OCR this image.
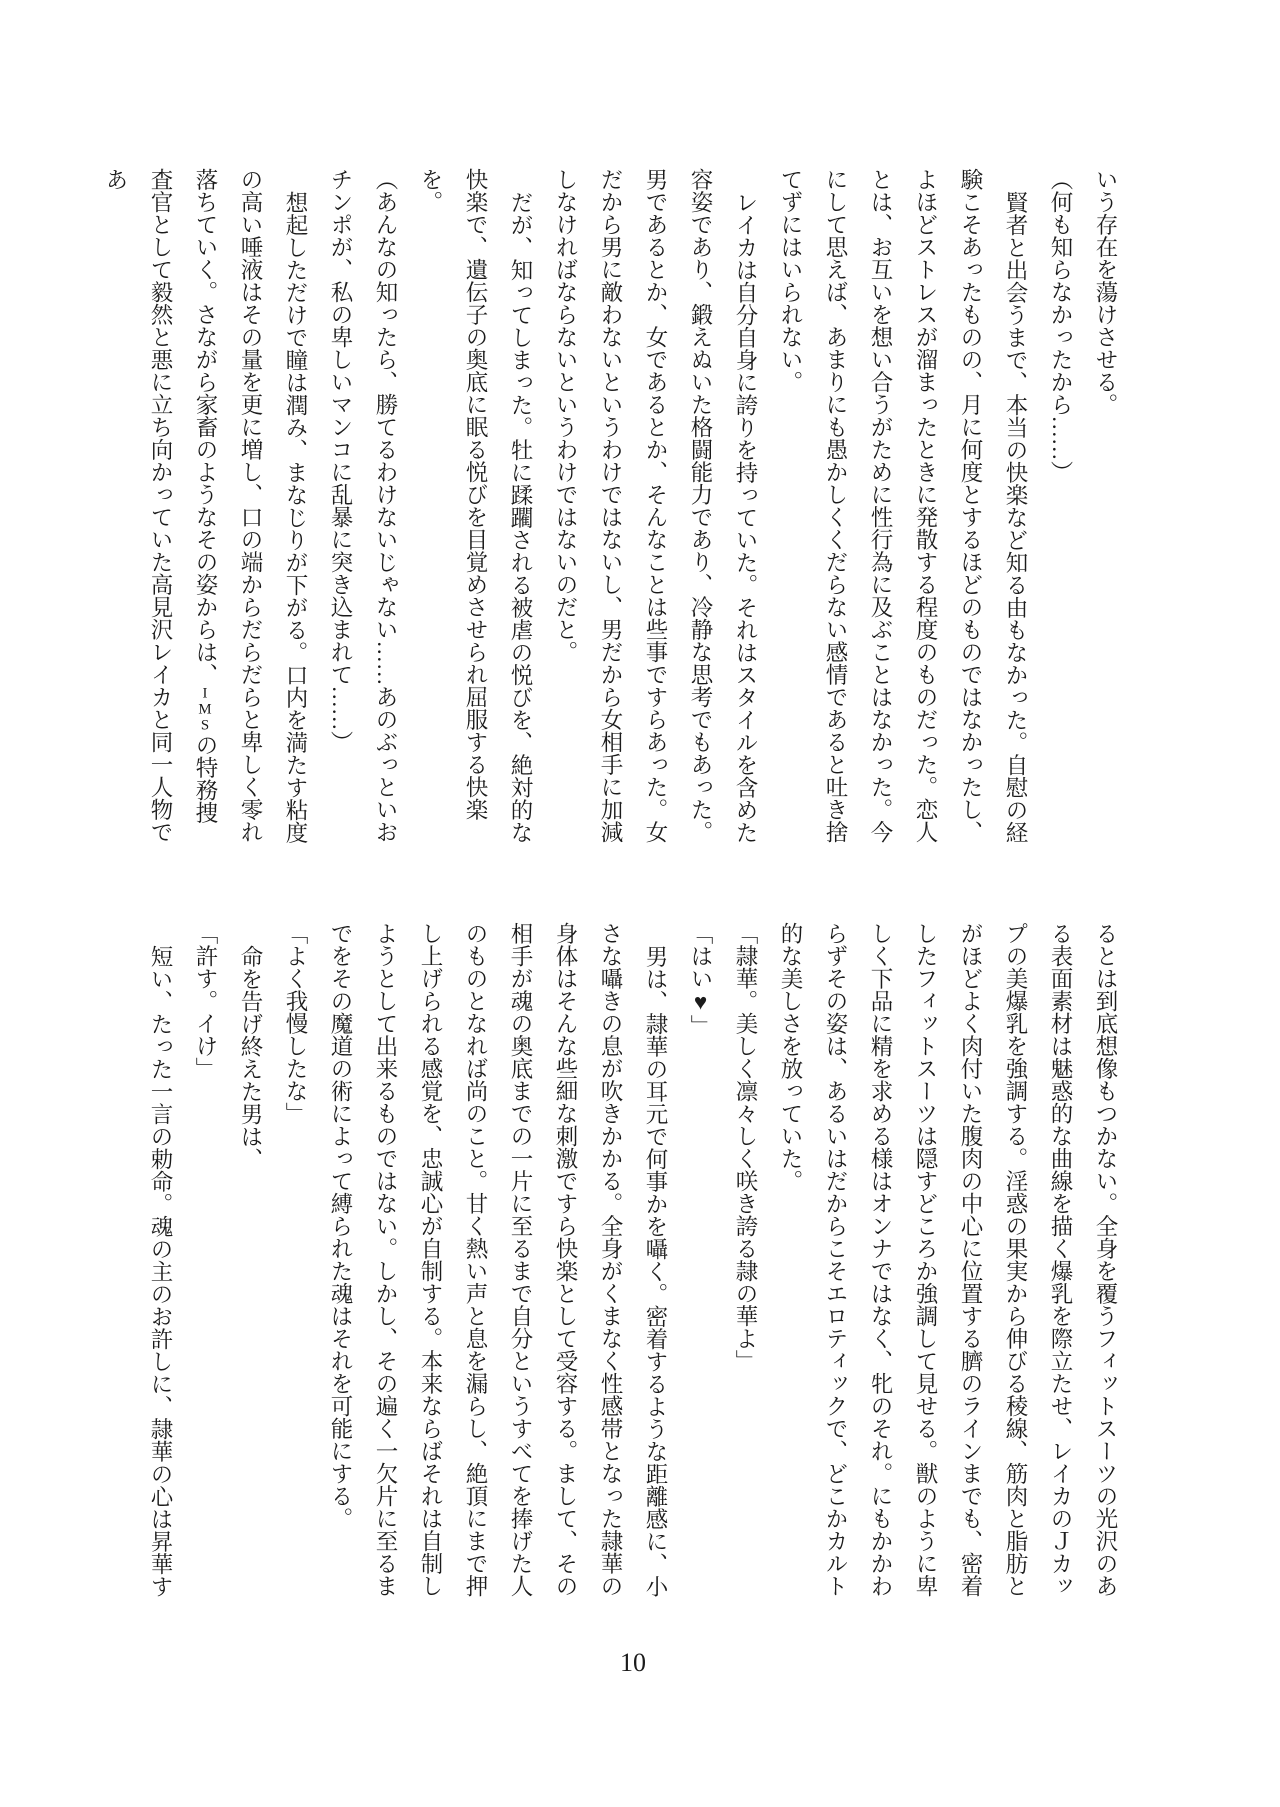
いう存在を蕩けさせる。

（何も知らなかったから……）

賢者と出会うまで、本当の快楽など知る由もなかった。自慰の経験こそあったものの、月に何度とするほどのものではなかったし、よほどストレスが溜まったときに発散する程度のものだった。恋人とは、お互いを想い合うがために性行為に及ぶことはなかった。今にして思えば、あまりにも愚かしくくだらない感情であると吐き捨てずにはいられない。

レイカは自分自身に誇りを持っていた。それはスタイルを含めた容姿であり、鍛えぬいた格闘能力であり、冷静な思考でもあった。男であるとか、女であるとか、そんなことは些事ですらあった。女だから男に敵わないというわけではないし、男だから女相手に加減しなければならないというわけではないのだと。

だが、知ってしまった。牡に蹂躙される被虐の悦びを、絶対的な快楽で、遺伝子の奥底に眠る悦びを目覚めさせられ屈服する快楽を。

（あんなの知ったら、勝てるわけないじゃない……あのぶっといおチンポが、私の卑しいマンコに乱暴に突き込まれて……）

想起しただけで瞳は潤み、まなじりが下がる。口内を満たす粘度の高い唾液はその量を更に増し、口の端からだらだらと卑しく零れ落ちていく。さながら家畜のようなその姿からは、IMSの特務捜査官として毅然と悪に立ち向かっていた高見沢レイカと同一人物であ

るとは到底想像もつかない。全身を覆うフィットスーツの光沢のある表面素材は魅惑的な曲線を描く爆乳を際立たせ、レイカのＪカップの美爆乳を強調する。淫惑の果実から伸びる稜線、筋肉と脂肪とがほどよく肉付いた腹肉の中心に位置する臍のラインまでも、密着したフィットスーツは隠すどころか強調して見せる。獣のように卑しく下品に精を求める様はオンナではなく、牝のそれ。にもかかわらずその姿は、あるいはだからこそエロティックで、どこかカルト的な美しさを放っていた。

「隷華。美しく凛々しく咲き誇る隷の華よ」

「はい♥」

男は、隷華の耳元で何事かを囁く。密着するような距離感に、小さな囁きの息が吹きかかる。全身がくまなく性感帯となった隷華の身体はそんな些細な刺激ですら快楽として受容する。まして、その相手が魂の奥底までの一片に至るまで自分というすべてを捧げた人のものとなれば尚のこと。甘く熱い声と息を漏らし、絶頂にまで押し上げられる感覚を、忠誠心が自制する。本来ならばそれは自制しようとして出来るものではない。しかし、その遍く一欠片に至るまでをその魔道の術によって縛られた魂はそれを可能にする。

「よく我慢したな」

命を告げ終えた男は、

「許す。イけ」

短い、たった一言の勅命。魂の主のお許しに、隷華の心は昇華す

10
